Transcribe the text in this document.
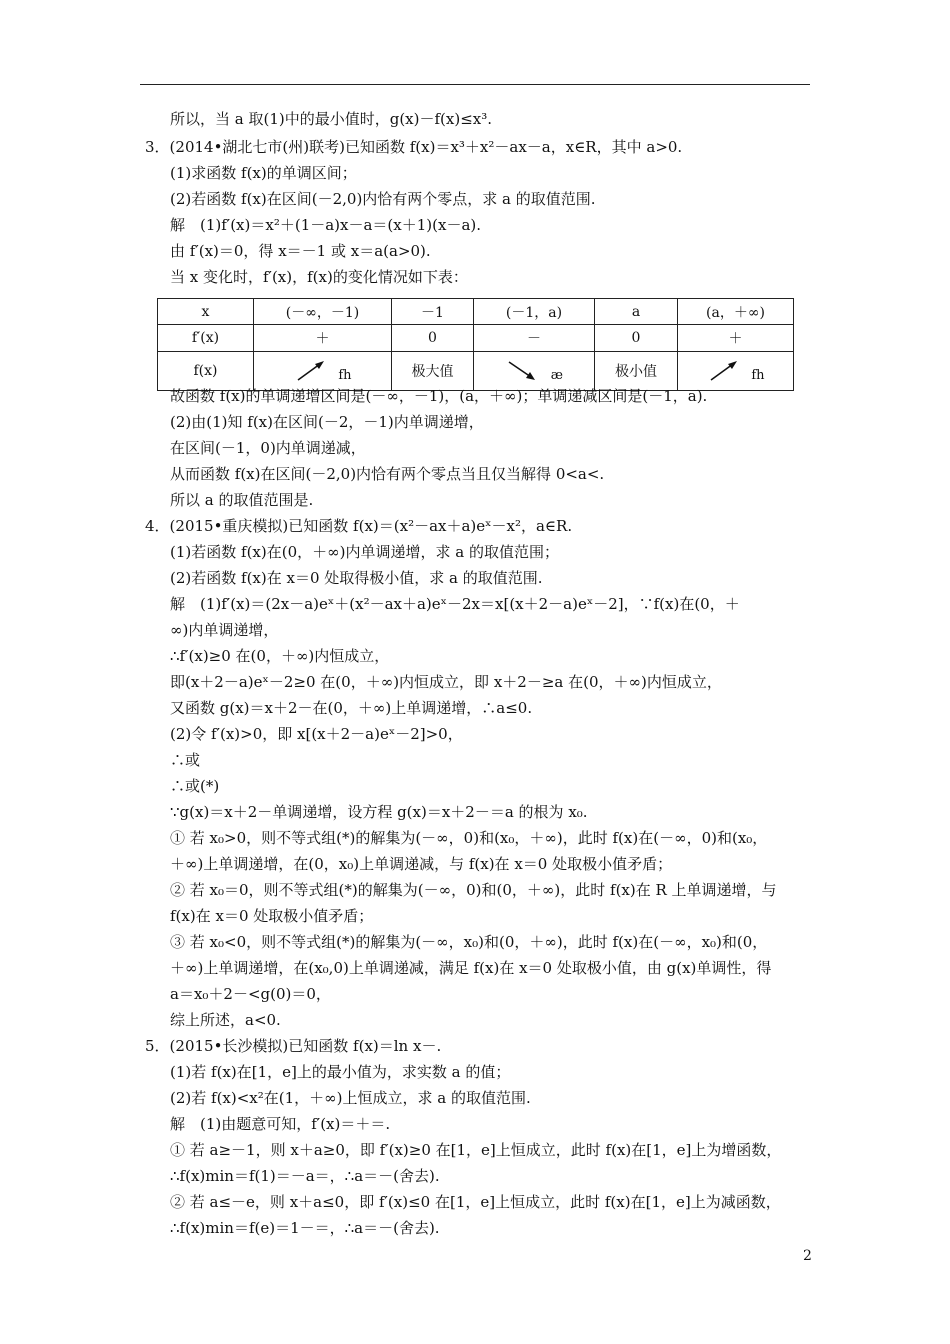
所以，当 a 取(1)中的最小值时，g(x)－f(x)≤x³.
3．(2014•湖北七市(州)联考)已知函数 f(x)＝x³＋x²－ax－a，x∈R，其中 a>0.
(1)求函数 f(x)的单调区间；
(2)若函数 f(x)在区间(－2,0)内恰有两个零点，求 a 的取值范围.
解　(1)f′(x)＝x²＋(1－a)x－a＝(x＋1)(x－a).
由 f′(x)＝0，得 x＝－1 或 x＝a(a>0).
当 x 变化时，f′(x)，f(x)的变化情况如下表：
x	(－∞，－1)	－1	(－1，a)	a	(a，＋∞)
f′(x)	＋	0	－	0	＋
f(x)	fh	极大值	æ	极小值	fh
故函数 f(x)的单调递增区间是(－∞，－1)，(a，＋∞)；单调递减区间是(－1，a).
(2)由(1)知 f(x)在区间(－2，－1)内单调递增，
在区间(－1，0)内单调递减，
从而函数 f(x)在区间(－2,0)内恰有两个零点当且仅当解得 0<a<.
所以 a 的取值范围是.
4．(2015•重庆模拟)已知函数 f(x)＝(x²－ax＋a)eˣ－x²，a∈R.
(1)若函数 f(x)在(0，＋∞)内单调递增，求 a 的取值范围；
(2)若函数 f(x)在 x＝0 处取得极小值，求 a 的取值范围.
解　(1)f′(x)＝(2x－a)eˣ＋(x²－ax＋a)eˣ－2x＝x[(x＋2－a)eˣ－2]，∵f(x)在(0，＋
∞)内单调递增，
∴f′(x)≥0 在(0，＋∞)内恒成立，
即(x＋2－a)eˣ－2≥0 在(0，＋∞)内恒成立，即 x＋2－≥a 在(0，＋∞)内恒成立，
又函数 g(x)＝x＋2－在(0，＋∞)上单调递增，∴a≤0.
(2)令 f′(x)>0，即 x[(x＋2－a)eˣ－2]>0，
∴或
∴或(*)
∵g(x)＝x＋2－单调递增，设方程 g(x)＝x＋2－＝a 的根为 x₀.
① 若 x₀>0，则不等式组(*)的解集为(－∞，0)和(x₀，＋∞)，此时 f(x)在(－∞，0)和(x₀，
＋∞)上单调递增，在(0，x₀)上单调递减，与 f(x)在 x＝0 处取极小值矛盾；
② 若 x₀＝0，则不等式组(*)的解集为(－∞，0)和(0，＋∞)，此时 f(x)在 R 上单调递增，与
f(x)在 x＝0 处取极小值矛盾；
③ 若 x₀<0，则不等式组(*)的解集为(－∞，x₀)和(0，＋∞)，此时 f(x)在(－∞，x₀)和(0，
＋∞)上单调递增，在(x₀,0)上单调递减，满足 f(x)在 x＝0 处取极小值，由 g(x)单调性，得
a＝x₀＋2－<g(0)＝0，
综上所述，a<0.
5．(2015•长沙模拟)已知函数 f(x)＝ln x－.
(1)若 f(x)在[1，e]上的最小值为，求实数 a 的值；
(2)若 f(x)<x²在(1，＋∞)上恒成立，求 a 的取值范围.
解　(1)由题意可知，f′(x)＝＋＝.
① 若 a≥－1，则 x＋a≥0，即 f′(x)≥0 在[1，e]上恒成立，此时 f(x)在[1，e]上为增函数，
∴f(x)min＝f(1)＝－a＝，∴a＝－(舍去).
② 若 a≤－e，则 x＋a≤0，即 f′(x)≤0 在[1，e]上恒成立，此时 f(x)在[1，e]上为减函数，
∴f(x)min＝f(e)＝1－＝，∴a＝－(舍去).
2
